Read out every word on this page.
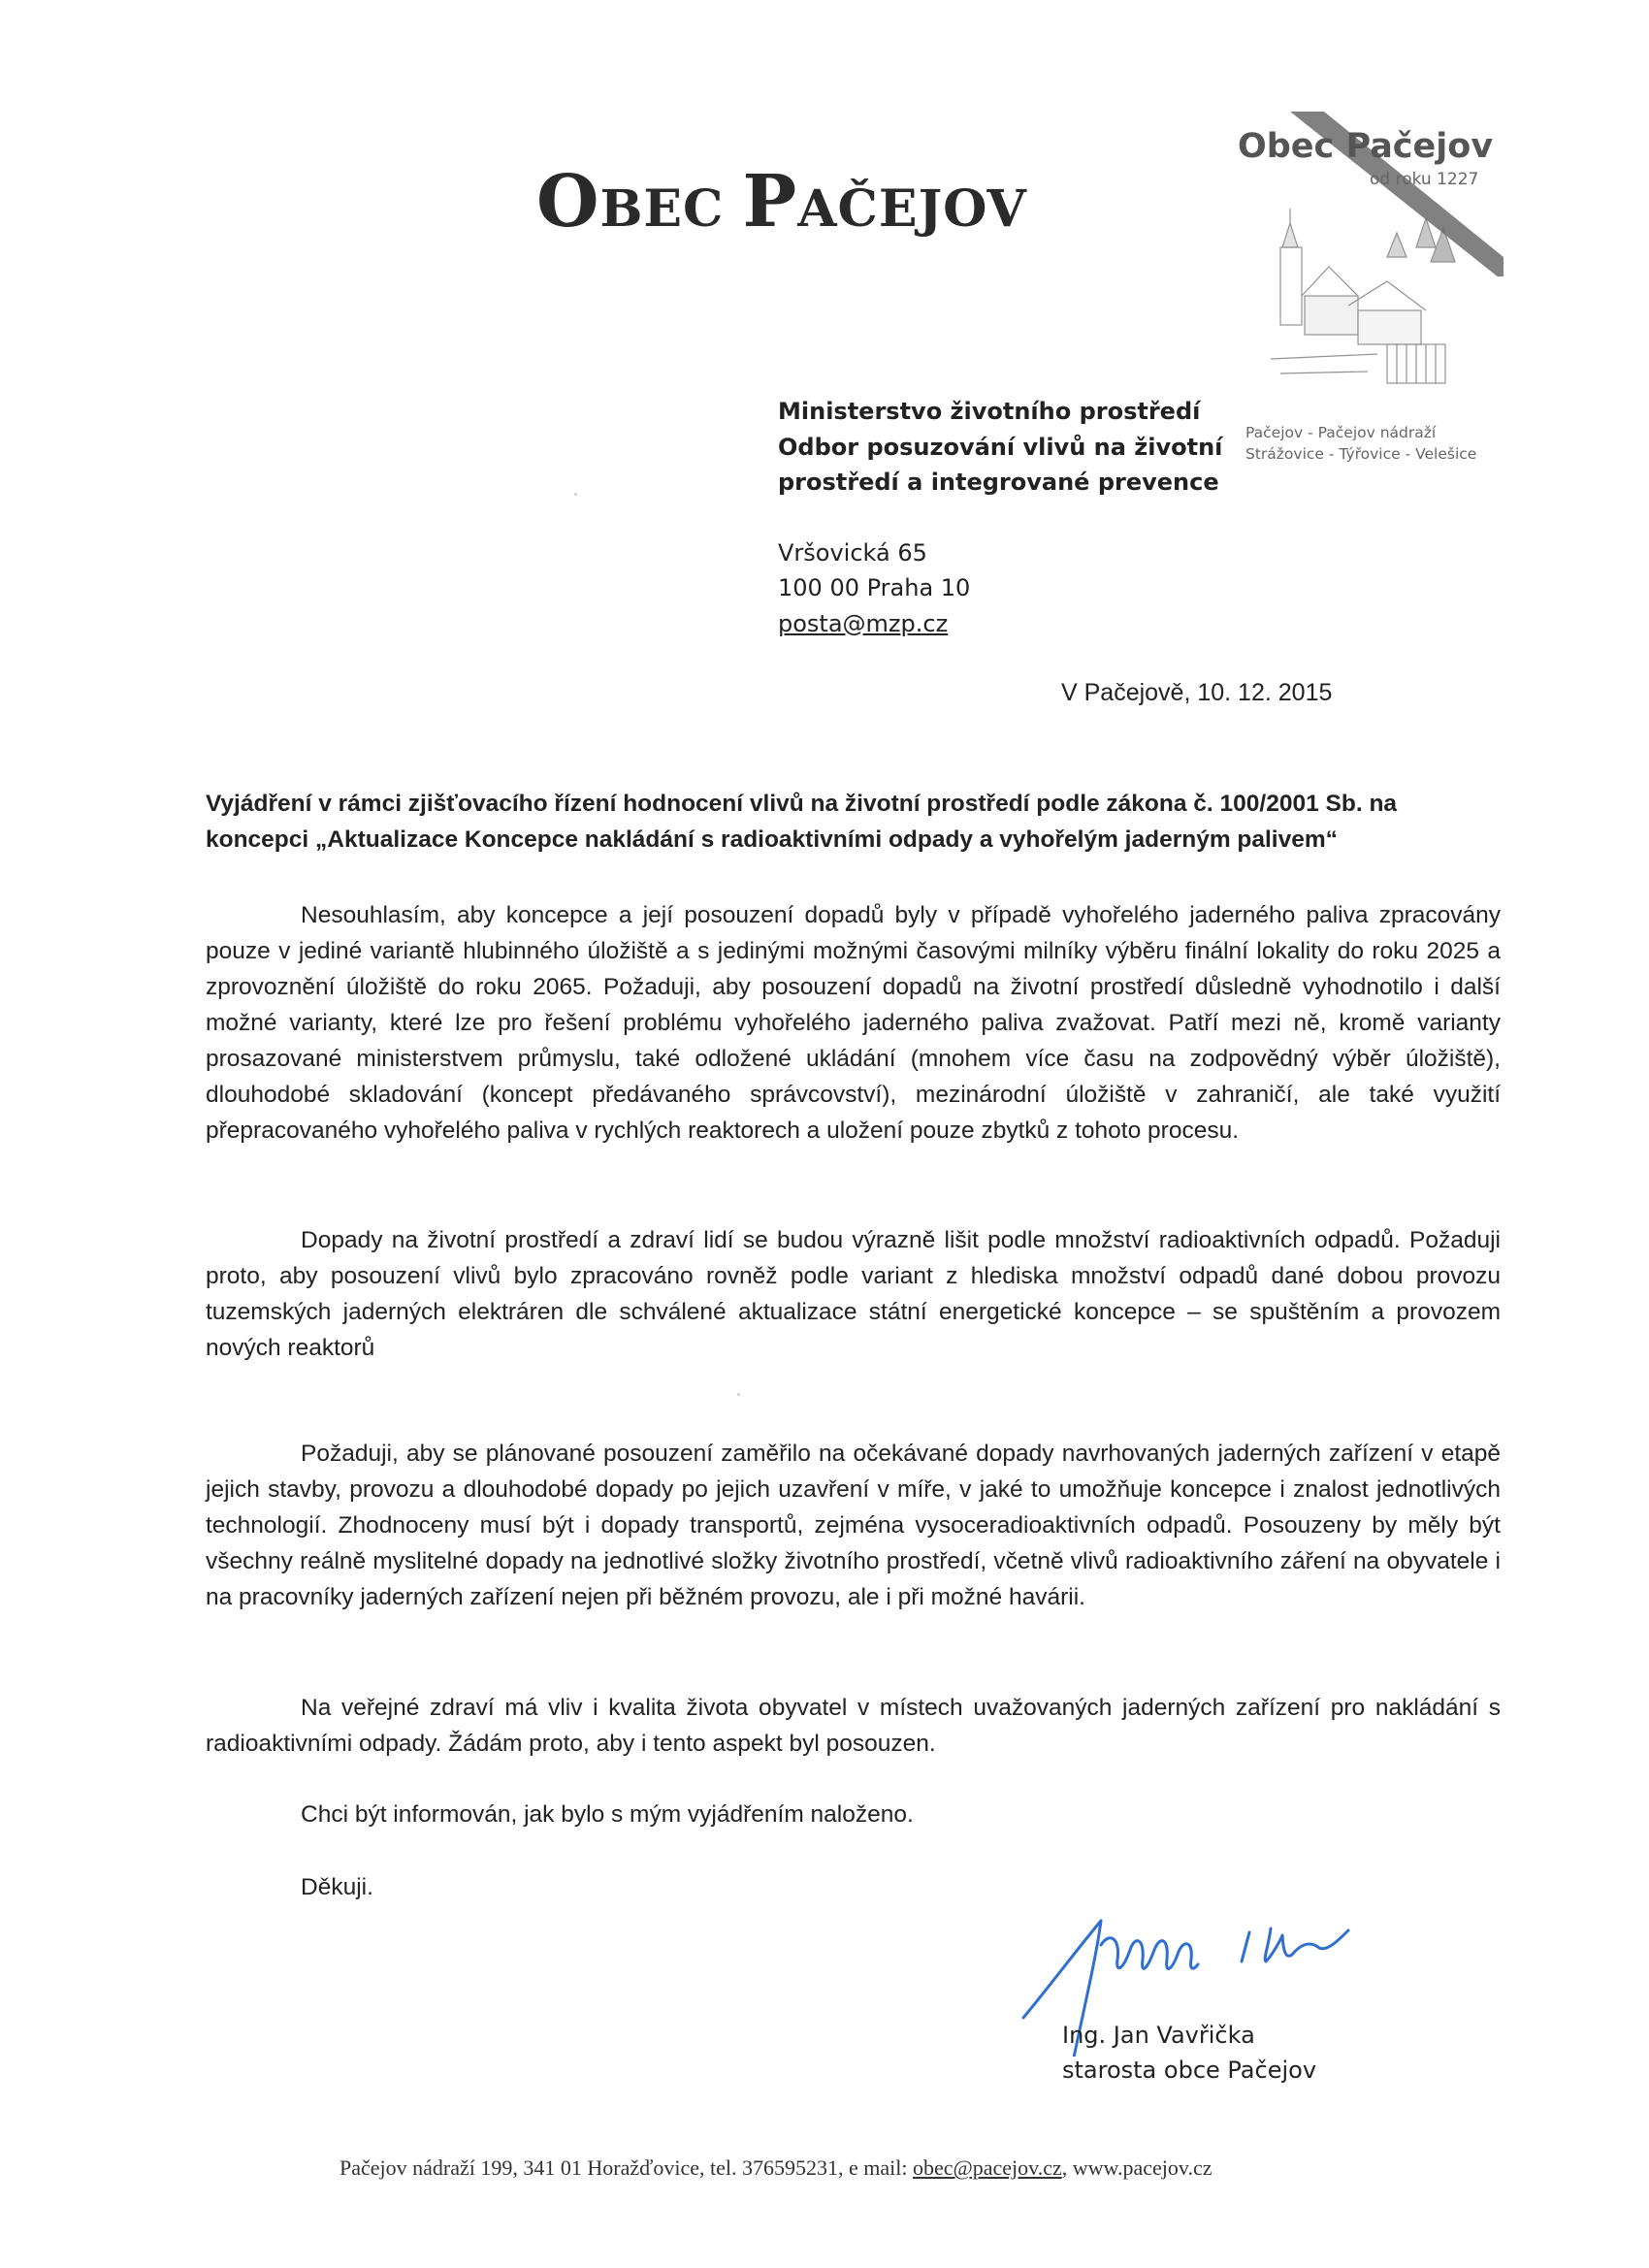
OBEC PAČEJOV
Obec Pačejov
od roku 1227
Pačejov - Pačejov nádraží
Strážovice - Týřovice - Velešice
Ministerstvo životního prostředí
Odbor posuzování vlivů na životní
prostředí a integrované prevence
Vršovická 65
100 00 Praha 10
posta@mzp.cz
V Pačejově, 10. 12. 2015
Vyjádření v rámci zjišťovacího řízení hodnocení vlivů na životní prostředí podle zákona č. 100/2001 Sb. na koncepci „Aktualizace Koncepce nakládání s radioaktivními odpady a vyhořelým jaderným palivem“
Nesouhlasím, aby koncepce a její posouzení dopadů byly v případě vyhořelého jaderného paliva zpracovány pouze v jediné variantě hlubinného úložiště a s jedinými možnými časovými milníky výběru finální lokality do roku 2025 a zprovoznění úložiště do roku 2065. Požaduji, aby posouzení dopadů na životní prostředí důsledně vyhodnotilo i další možné varianty, které lze pro řešení problému vyhořelého jaderného paliva zvažovat. Patří mezi ně, kromě varianty prosazované ministerstvem průmyslu, také odložené ukládání (mnohem více času na zodpovědný výběr úložiště), dlouhodobé skladování (koncept předávaného správcovství), mezinárodní úložiště v zahraničí, ale také využití přepracovaného vyhořelého paliva v rychlých reaktorech a uložení pouze zbytků z tohoto procesu.
Dopady na životní prostředí a zdraví lidí se budou výrazně lišit podle množství radioaktivních odpadů. Požaduji proto, aby posouzení vlivů bylo zpracováno rovněž podle variant z hlediska množství odpadů dané dobou provozu tuzemských jaderných elektráren dle schválené aktualizace státní energetické koncepce – se spuštěním a provozem nových reaktorů
Požaduji, aby se plánované posouzení zaměřilo na očekávané dopady navrhovaných jaderných zařízení v etapě jejich stavby, provozu a dlouhodobé dopady po jejich uzavření v míře, v jaké to umožňuje koncepce i znalost jednotlivých technologií. Zhodnoceny musí být i dopady transportů, zejména vysoceradioaktivních odpadů. Posouzeny by měly být všechny reálně myslitelné dopady na jednotlivé složky životního prostředí, včetně vlivů radioaktivního záření na obyvatele i na pracovníky jaderných zařízení nejen při běžném provozu, ale i při možné havárii.
Na veřejné zdraví má vliv i kvalita života obyvatel v místech uvažovaných jaderných zařízení pro nakládání s radioaktivními odpady. Žádám proto, aby i tento aspekt byl posouzen.
Chci být informován, jak bylo s mým vyjádřením naloženo.
Děkuji.
Ing. Jan Vavřička
starosta obce Pačejov
Pačejov nádraží 199, 341 01 Horažďovice, tel. 376595231, e mail: obec@pacejov.cz, www.pacejov.cz
